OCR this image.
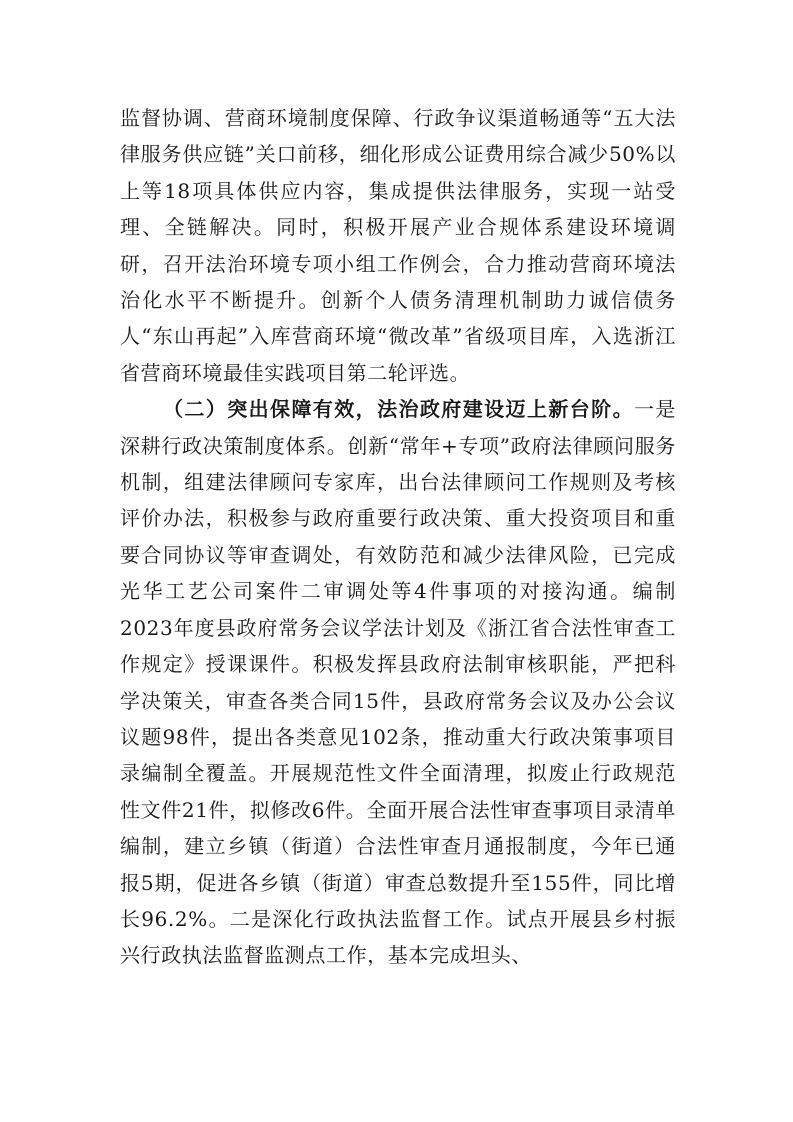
监督协调、营商环境制度保障、行政争议渠道畅通等“五大法律服务供应链”关口前移，细化形成公证费用综合减少50%以上等18项具体供应内容，集成提供法律服务，实现一站受理、全链解决。同时，积极开展产业合规体系建设环境调研，召开法治环境专项小组工作例会，合力推动营商环境法治化水平不断提升。创新个人债务清理机制助力诚信债务人“东山再起”入库营商环境“微改革”省级项目库，入选浙江省营商环境最佳实践项目第二轮评选。

（二）突出保障有效，法治政府建设迈上新台阶。一是深耕行政决策制度体系。创新“常年+专项”政府法律顾问服务机制，组建法律顾问专家库，出台法律顾问工作规则及考核评价办法，积极参与政府重要行政决策、重大投资项目和重要合同协议等审查调处，有效防范和减少法律风险，已完成光华工艺公司案件二审调处等4件事项的对接沟通。编制2023年度县政府常务会议学法计划及《浙江省合法性审查工作规定》授课课件。积极发挥县政府法制审核职能，严把科学决策关，审查各类合同15件，县政府常务会议及办公会议议题98件，提出各类意见102条，推动重大行政决策事项目录编制全覆盖。开展规范性文件全面清理，拟废止行政规范性文件21件，拟修改6件。全面开展合法性审查事项目录清单编制，建立乡镇（街道）合法性审查月通报制度，今年已通报5期，促进各乡镇（街道）审查总数提升至155件，同比增长96.2%。二是深化行政执法监督工作。试点开展县乡村振兴行政执法监督监测点工作，基本完成坦头、
